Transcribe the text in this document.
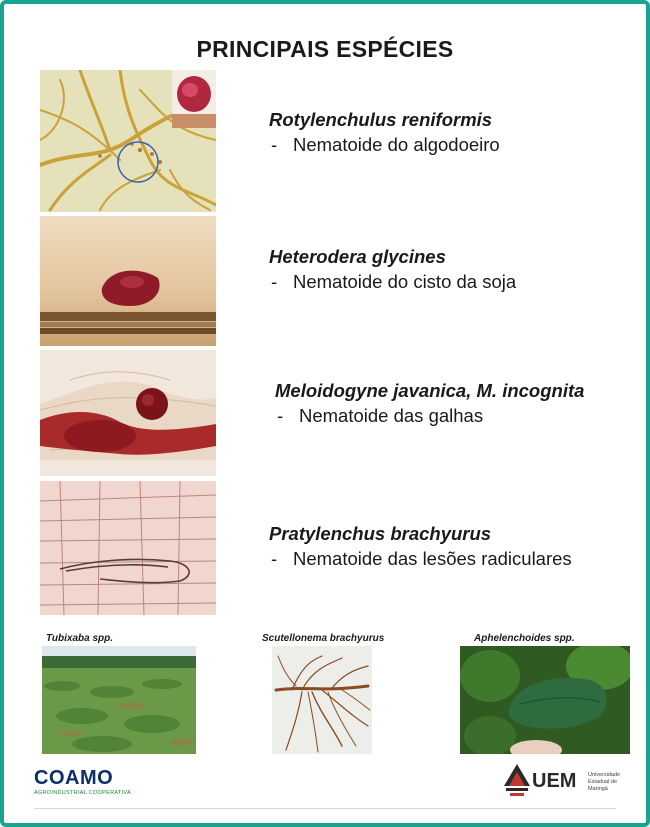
PRINCIPAIS ESPÉCIES
Rotylenchulus reniformis
- Nematoide do algodoeiro
Heterodera glycines
- Nematoide do cisto da soja
Meloidogyne javanica, M. incognita
- Nematoide das galhas
Pratylenchus brachyurus
- Nematoide das lesões radiculares
Tubixaba spp.	Scutellonema brachyurus	Aphelenchoides spp.
COAMO
AGROINDUSTRIAL COOPERATIVA
UEM Universidade Estadual de Maringá
